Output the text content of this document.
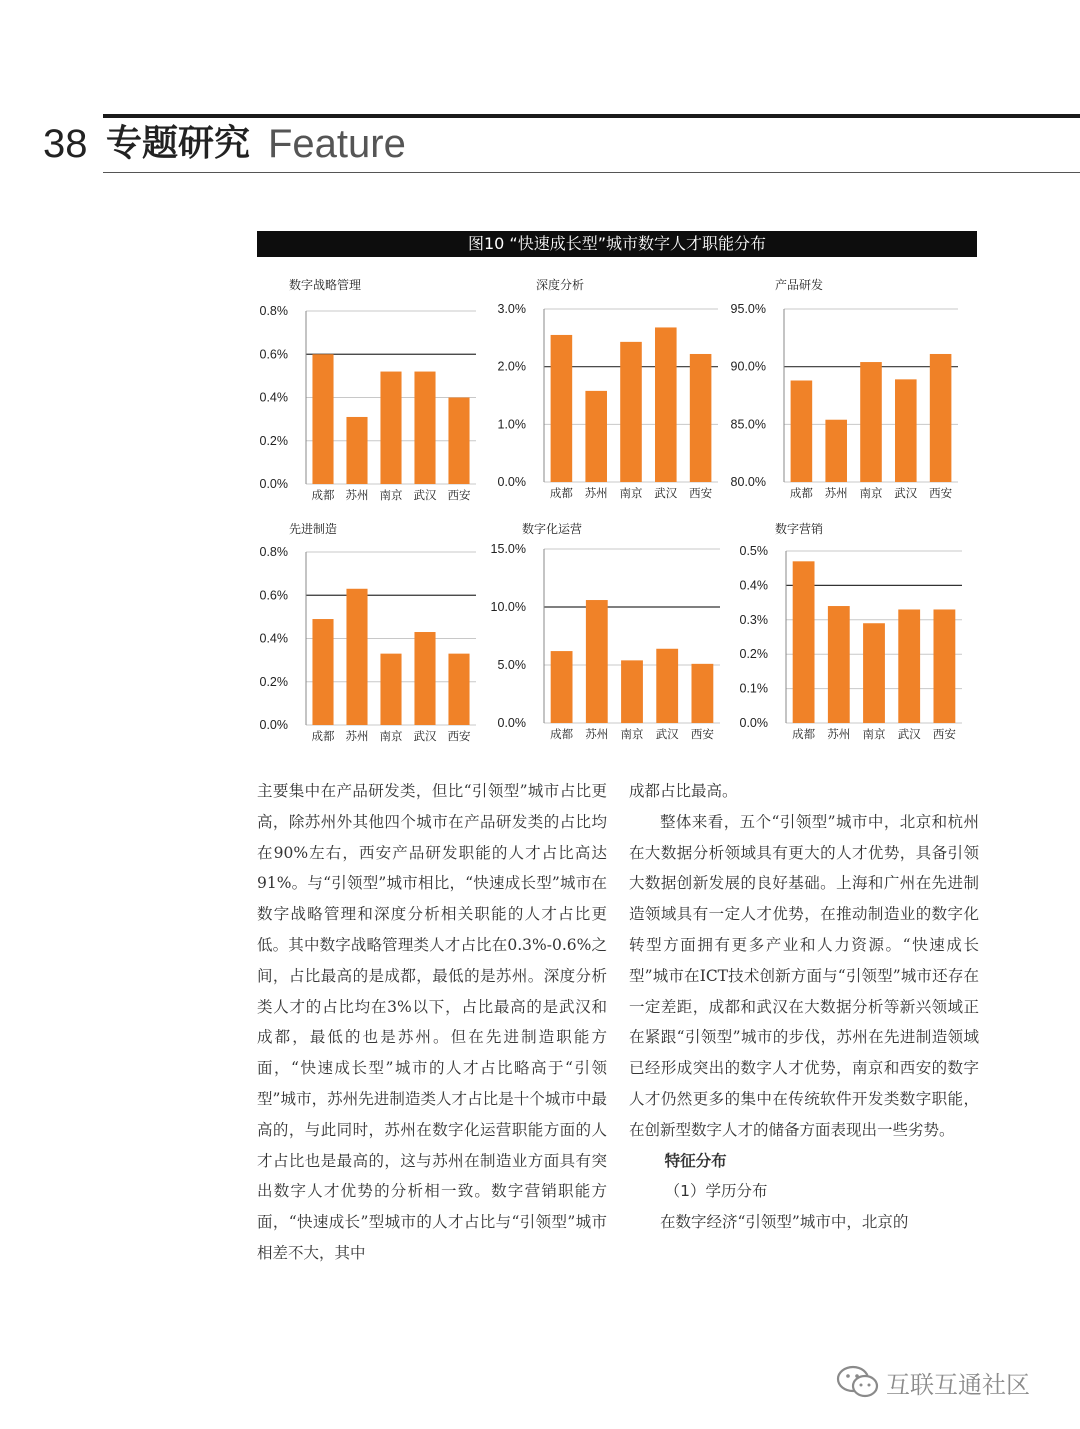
38 专题研究 Feature
图10 “快速成长型”城市数字人才职能分布
数字战略管理
0.0%
0.2%
0.4%
0.6%
0.8%
成都 苏州 南京 武汉 西安
深度分析
0.0%
1.0%
2.0%
3.0%
成都 苏州 南京 武汉 西安
产品研发
80.0%
85.0%
90.0%
95.0%
成都 苏州 南京 武汉 西安
先进制造
0.0%
0.2%
0.4%
0.6%
0.8%
成都 苏州 南京 武汉 西安
数字化运营
0.0%
5.0%
10.0%
15.0%
成都 苏州 南京 武汉 西安
数字营销
0.0%
0.1%
0.2%
0.3%
0.4%
0.5%
成都 苏州 南京 武汉 西安

主要集中在产品研发类，但比“引领型”城市占比更高，除苏州外其他四个城市在产品研发类的占比均在90%左右，西安产品研发职能的人才占比高达91%。与“引领型”城市相比，“快速成长型”城市在数字战略管理和深度分析相关职能的人才占比更低。其中数字战略管理类人才占比在0.3%-0.6%之间，占比最高的是成都，最低的是苏州。深度分析类人才的占比均在3%以下，占比最高的是武汉和成都，最低的也是苏州。但在先进制造职能方面，“快速成长型”城市的人才占比略高于“引领型”城市，苏州先进制造类人才占比是十个城市中最高的，与此同时，苏州在数字化运营职能方面的人才占比也是最高的，这与苏州在制造业方面具有突出数字人才优势的分析相一致。数字营销职能方面，“快速成长”型城市的人才占比与“引领型”城市相差不大，其中

成都占比最高。

整体来看，五个“引领型”城市中，北京和杭州在大数据分析领域具有更大的人才优势，具备引领大数据创新发展的良好基础。上海和广州在先进制造领域具有一定人才优势，在推动制造业的数字化转型方面拥有更多产业和人力资源。“快速成长型”城市在ICT技术创新方面与“引领型”城市还存在一定差距，成都和武汉在大数据分析等新兴领域正在紧跟“引领型”城市的步伐，苏州在先进制造领域已经形成突出的数字人才优势，南京和西安的数字人才仍然更多的集中在传统软件开发类数字职能，在创新型数字人才的储备方面表现出一些劣势。

特征分布

（1）学历分布

在数字经济“引领型”城市中，北京的

互联互通社区
